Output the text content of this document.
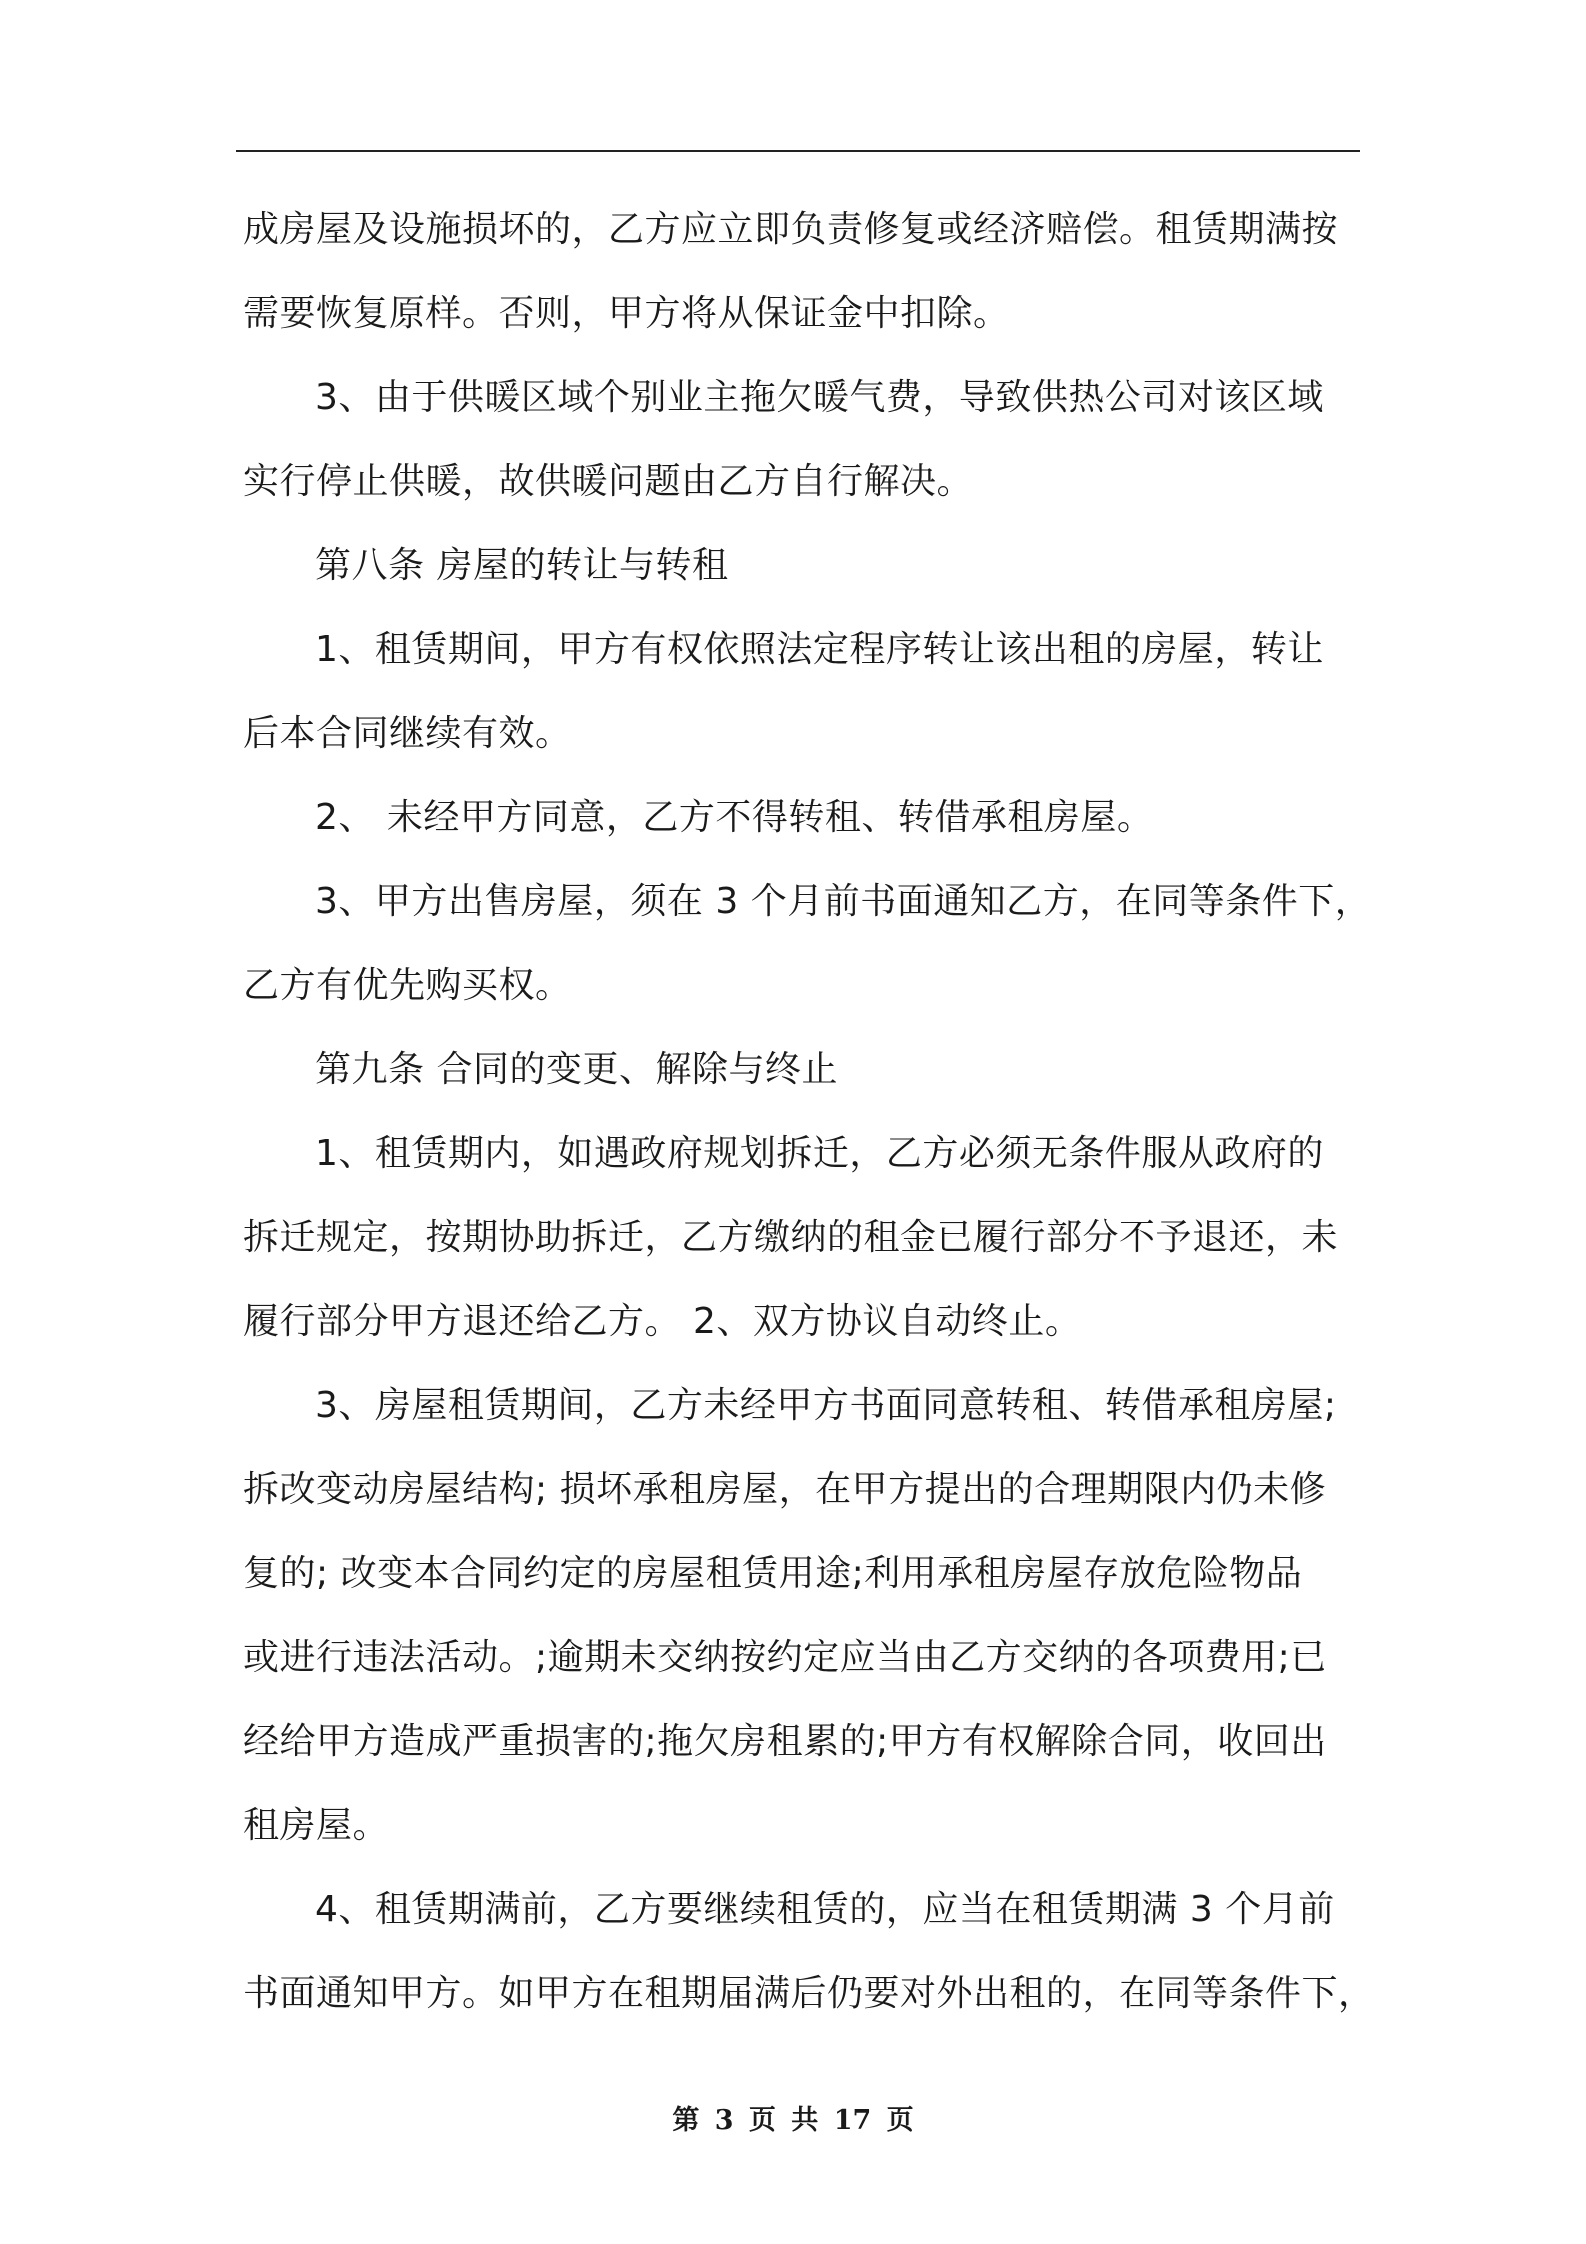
成房屋及设施损坏的，乙方应立即负责修复或经济赔偿。租赁期满按
需要恢复原样。否则，甲方将从保证金中扣除。
3、由于供暖区域个别业主拖欠暖气费，导致供热公司对该区域
实行停止供暖，故供暖问题由乙方自行解决。
第八条 房屋的转让与转租
1、租赁期间，甲方有权依照法定程序转让该出租的房屋，转让
后本合同继续有效。
2、 未经甲方同意，乙方不得转租、转借承租房屋。
3、甲方出售房屋，须在 3 个月前书面通知乙方，在同等条件下，
乙方有优先购买权。
第九条 合同的变更、解除与终止
1、租赁期内，如遇政府规划拆迁，乙方必须无条件服从政府的
拆迁规定，按期协助拆迁，乙方缴纳的租金已履行部分不予退还，未
履行部分甲方退还给乙方。 2、双方协议自动终止。
3、房屋租赁期间，乙方未经甲方书面同意转租、转借承租房屋;
拆改变动房屋结构; 损坏承租房屋，在甲方提出的合理期限内仍未修
复的; 改变本合同约定的房屋租赁用途;利用承租房屋存放危险物品
或进行违法活动。;逾期未交纳按约定应当由乙方交纳的各项费用;已
经给甲方造成严重损害的;拖欠房租累的;甲方有权解除合同，收回出
租房屋。
4、租赁期满前，乙方要继续租赁的，应当在租赁期满 3 个月前
书面通知甲方。如甲方在租期届满后仍要对外出租的，在同等条件下，
第 3 页 共 17 页
